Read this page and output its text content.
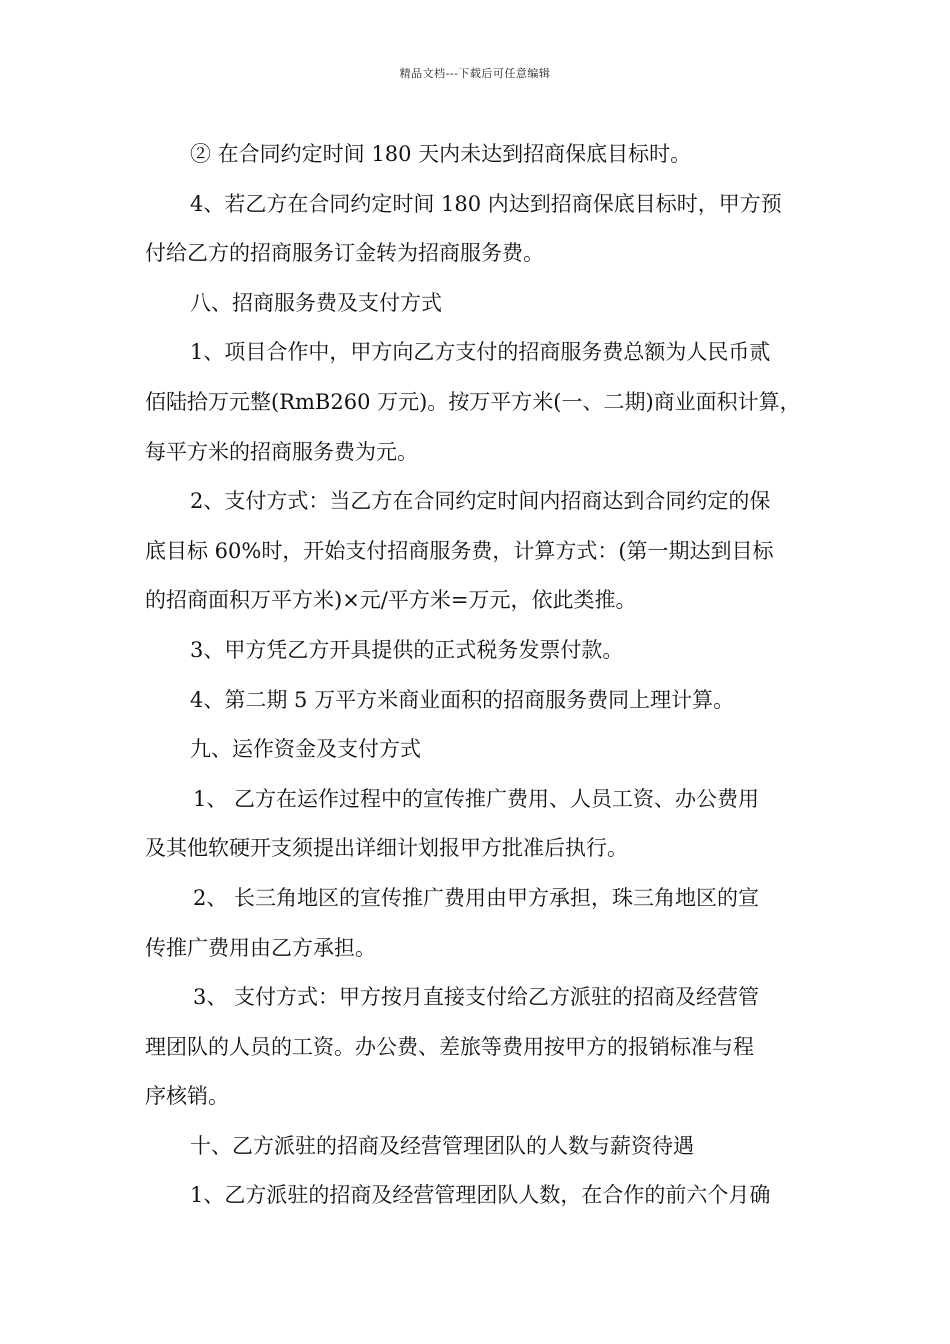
精品文档---下载后可任意编辑

② 在合同约定时间 180 天内未达到招商保底目标时。

4、若乙方在合同约定时间 180 内达到招商保底目标时，甲方预
付给乙方的招商服务订金转为招商服务费。

八、招商服务费及支付方式

1、项目合作中，甲方向乙方支付的招商服务费总额为人民币贰
佰陆拾万元整(RmB260 万元)。按万平方米(一、二期)商业面积计算，
每平方米的招商服务费为元。

2、支付方式：当乙方在合同约定时间内招商达到合同约定的保
底目标 60%时，开始支付招商服务费，计算方式：(第一期达到目标
的招商面积万平方米)×元/平方米=万元，依此类推。

3、甲方凭乙方开具提供的正式税务发票付款。

4、第二期 5 万平方米商业面积的招商服务费同上理计算。

九、运作资金及支付方式

1、 乙方在运作过程中的宣传推广费用、人员工资、办公费用
及其他软硬开支须提出详细计划报甲方批准后执行。

2、 长三角地区的宣传推广费用由甲方承担，珠三角地区的宣
传推广费用由乙方承担。

3、 支付方式：甲方按月直接支付给乙方派驻的招商及经营管
理团队的人员的工资。办公费、差旅等费用按甲方的报销标准与程
序核销。

十、乙方派驻的招商及经营管理团队的人数与薪资待遇

1、乙方派驻的招商及经营管理团队人数，在合作的前六个月确
